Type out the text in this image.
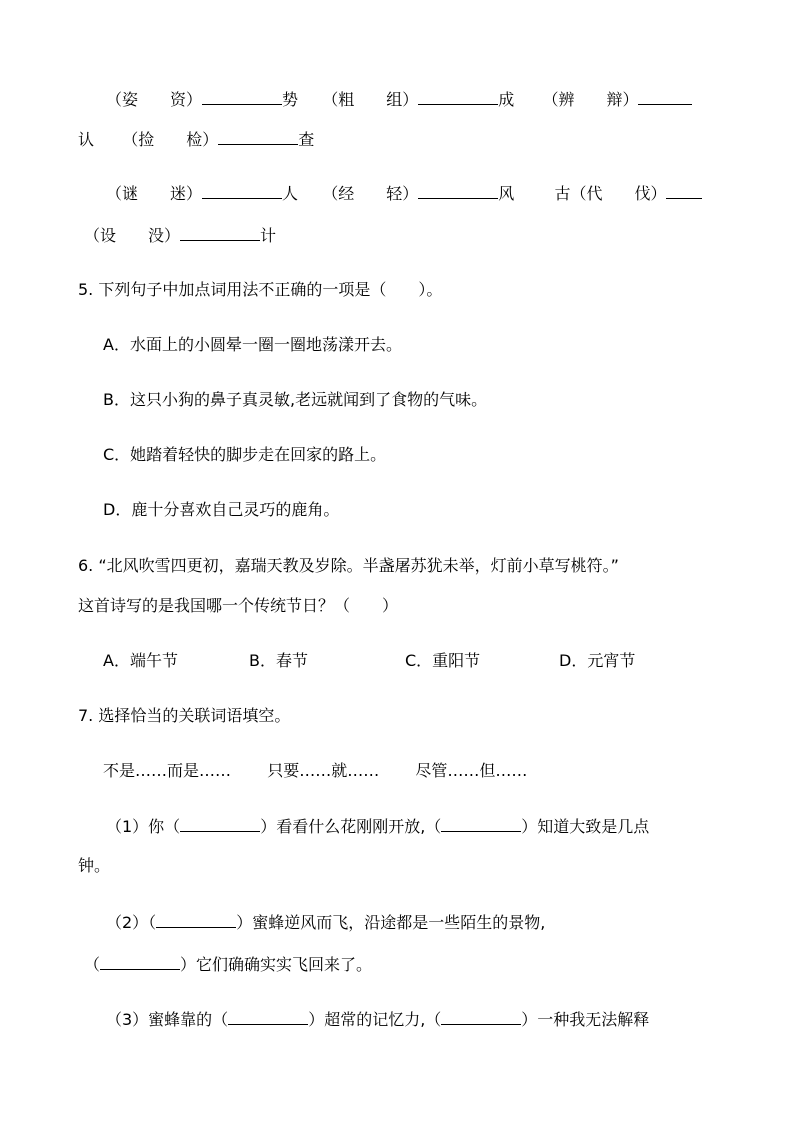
（姿　　资）	势 （粗　　组）	成 （辨　　辩）
认 （捡　　检）	查
（谜　　迷）	人 （经　　轻）	风	古（代　　伐）
（设　　没）	计
5. 下列句子中加点词用法不正确的一项是（　　）。
A．水面上的小圆晕一圈一圈地荡漾开去。
B．这只小狗的鼻子真灵敏,老远就闻到了食物的气味。
C．她踏着轻快的脚步走在回家的路上。
D．鹿十分喜欢自己灵巧的鹿角。
6. “北风吹雪四更初，嘉瑞天教及岁除。半盏屠苏犹未举，灯前小草写桃符。”
这首诗写的是我国哪一个传统节日？（　　）
A．端午节	B．春节	C．重阳节	D．元宵节
7. 选择恰当的关联词语填空。
不是……而是…… 只要……就…… 尽管……但……
（1）你（	）看看什么花刚刚开放,（	）知道大致是几点
钟。
（2）（	）蜜蜂逆风而飞，沿途都是一些陌生的景物,
（	）它们确确实实飞回来了。
（3）蜜蜂靠的（	）超常的记忆力,（	）一种我无法解释
